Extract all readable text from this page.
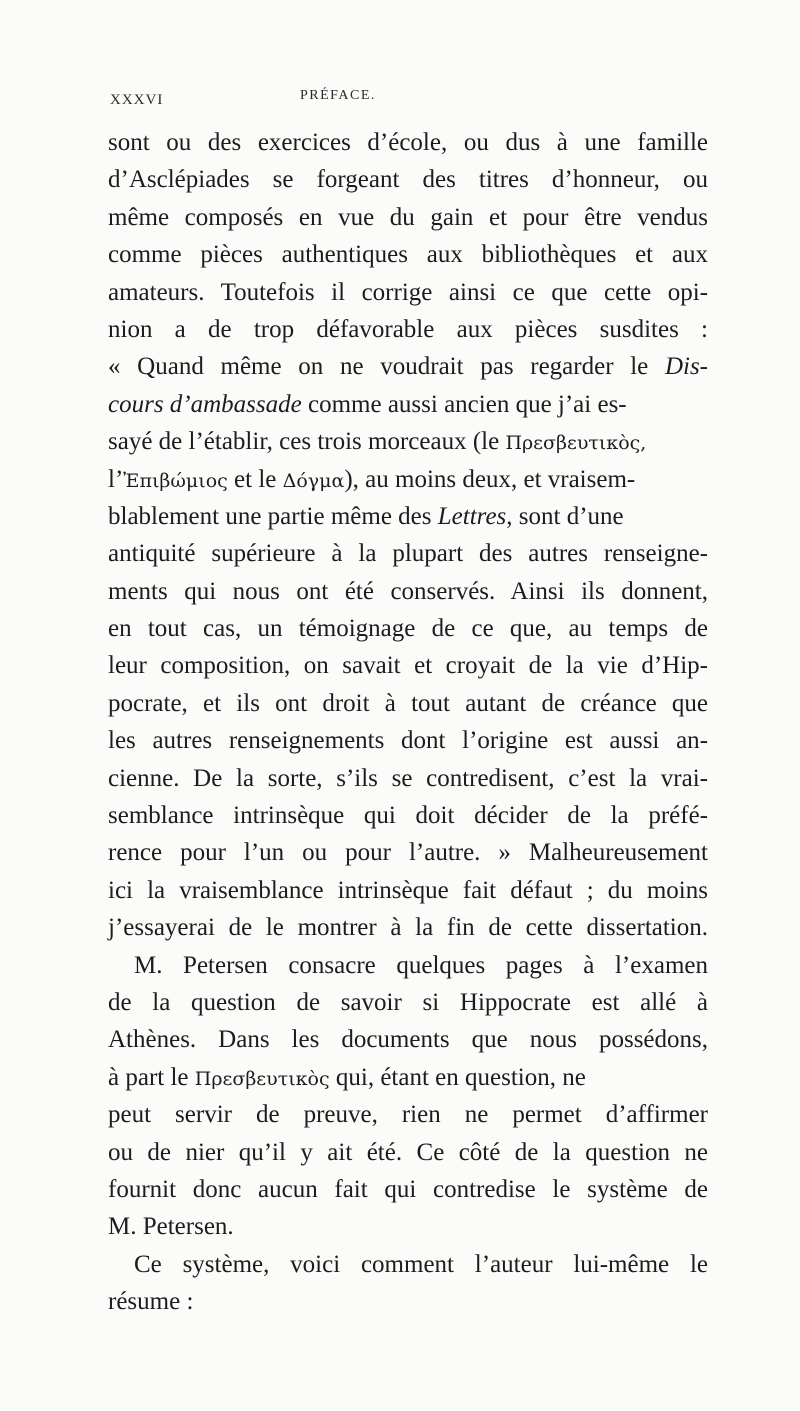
XXXVI	PRÉFACE.
sont ou des exercices d’école, ou dus à une famille
d’Asclépiades se forgeant des titres d’honneur, ou
même composés en vue du gain et pour être vendus
comme pièces authentiques aux bibliothèques et aux
amateurs. Toutefois il corrige ainsi ce que cette opi-
nion a de trop défavorable aux pièces susdites :
« Quand même on ne voudrait pas regarder le Dis-
cours d’ambassade comme aussi ancien que j’ai es-
sayé de l’établir, ces trois morceaux (le Πρεσβευτικὸς,
l’Ἐπιβώμιος et le Δόγμα), au moins deux, et vraisem-
blablement une partie même des Lettres, sont d’une
antiquité supérieure à la plupart des autres renseigne-
ments qui nous ont été conservés. Ainsi ils donnent,
en tout cas, un témoignage de ce que, au temps de
leur composition, on savait et croyait de la vie d’Hip-
pocrate, et ils ont droit à tout autant de créance que
les autres renseignements dont l’origine est aussi an-
cienne. De la sorte, s’ils se contredisent, c’est la vrai-
semblance intrinsèque qui doit décider de la préfé-
rence pour l’un ou pour l’autre. » Malheureusement
ici la vraisemblance intrinsèque fait défaut ; du moins
j’essayerai de le montrer à la fin de cette dissertation.
M. Petersen consacre quelques pages à l’examen
de la question de savoir si Hippocrate est allé à
Athènes. Dans les documents que nous possédons,
à part le Πρεσβευτικὸς qui, étant en question, ne
peut servir de preuve, rien ne permet d’affirmer
ou de nier qu’il y ait été. Ce côté de la question ne
fournit donc aucun fait qui contredise le système de
M. Petersen.
Ce système, voici comment l’auteur lui-même le
résume :
